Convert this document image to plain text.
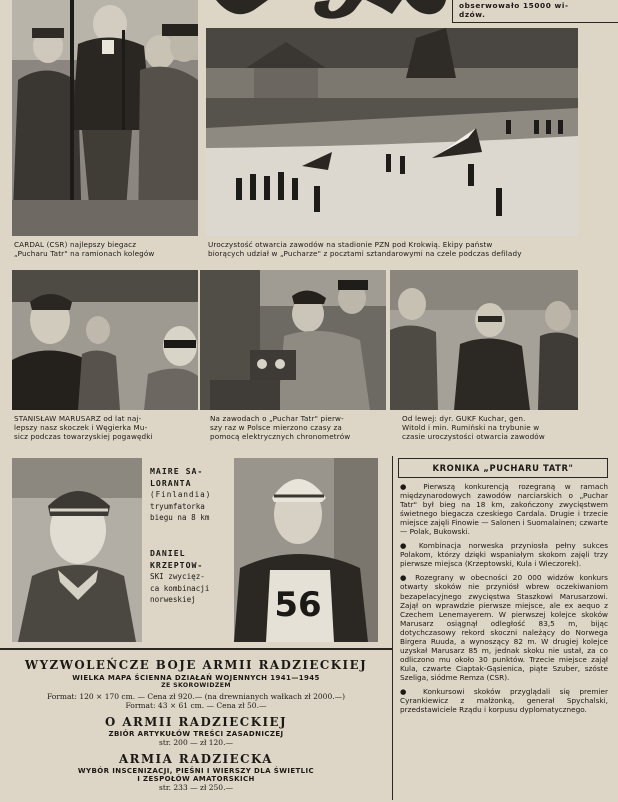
obserwowało 15000 wi-
dzów.
CARDAL (CSR) najlepszy biegacz
„Pucharu Tatr" na ramionach kolegów
Uroczystość otwarcia zawodów na stadionie PZN pod Krokwią. Ekipy państw
biorących udział w „Pucharze" z pocztami sztandarowymi na czele podczas defilady
STANISŁAW MARUSARZ od lat naj-
lepszy nasz skoczek i Węgierka Mu-
sicz podczas towarzyskiej pogawędki
Na zawodach o „Puchar Tatr" pierw-
szy raz w Polsce mierzono czasy za
pomocą elektrycznych chronometrów
Od lewej: dyr. GUKF Kuchar, gen.
Witold i min. Rumiński na trybunie w
czasie uroczystości otwarcia zawodów
56
MAIRE SA-
LORANTA
(Finlandia)
tryumfatorka
biegu na 8 km
DANIEL
KRZEPTOW-
SKI zwycięz-
ca kombinacji
norweskiej
WYZWOLEŃCZE BOJE ARMII RADZIECKIEJ
WIELKA MAPA ŚCIENNA DZIAŁAŃ WOJENNYCH 1941—1945
ZE SKOROWIDZEM
Format: 120 × 170 cm. — Cena zł 920.— (na drewnianych wałkach zł 2000.—)
Format: 43 × 61 cm. — Cena zł 50.—
O ARMII RADZIECKIEJ
ZBIÓR ARTYKUŁÓW TREŚCI ZASADNICZEJ
str. 200 — zł 120.—
ARMIA RADZIECKA
WYBÓR INSCENIZACJI, PIEŚNI I WIERSZY DLA ŚWIETLIC
I ZESPOŁÓW AMATORSKICH
str. 233 — zł 250.—
KRONIKA „PUCHARU TATR"

● Pierwszą konkurencją rozegraną w ramach międzynarodowych zawodów narciarskich o „Puchar Tatr" był bieg na 18 km, zakończony zwycięstwem świetnego biegacza czeskiego Cardala. Drugie i trzecie miejsce zajęli Finowie — Salonen i Suomalainen; czwarte — Polak, Bukowski.

● Kombinacja norweska przyniosła pełny sukces Polakom, którzy dzięki wspaniałym skokom zajęli trzy pierwsze miejsca (Krzeptowski, Kula i Wieczorek).

● Rozegrany w obecności 20 000 widzów konkurs otwarty skoków nie przyniósł wbrew oczekiwaniom bezapelacyjnego zwycięstwa Staszkowi Marusarzowi. Zajął on wprawdzie pierwsze miejsce, ale ex aequo z Czechem Lenemayerem. W pierwszej kolejce skoków Marusarz osiągnął odległość 83,5 m, bijąc dotychczasowy rekord skoczni należący do Norwega Birgera Ruuda, a wynoszący 82 m. W drugiej kolejce uzyskał Marusarz 85 m, jednak skoku nie ustał, za co odliczono mu około 30 punktów. Trzecie miejsce zajął Kula, czwarte Ciaptak-Gąsienica, piąte Szuber, szóste Szeliga, siódme Remza (CSR).

● Konkursowi skoków przyglądali się premier Cyrankiewicz z małżonką, generał Spychalski, przedstawiciele Rządu i korpusu dyplomatycznego.
